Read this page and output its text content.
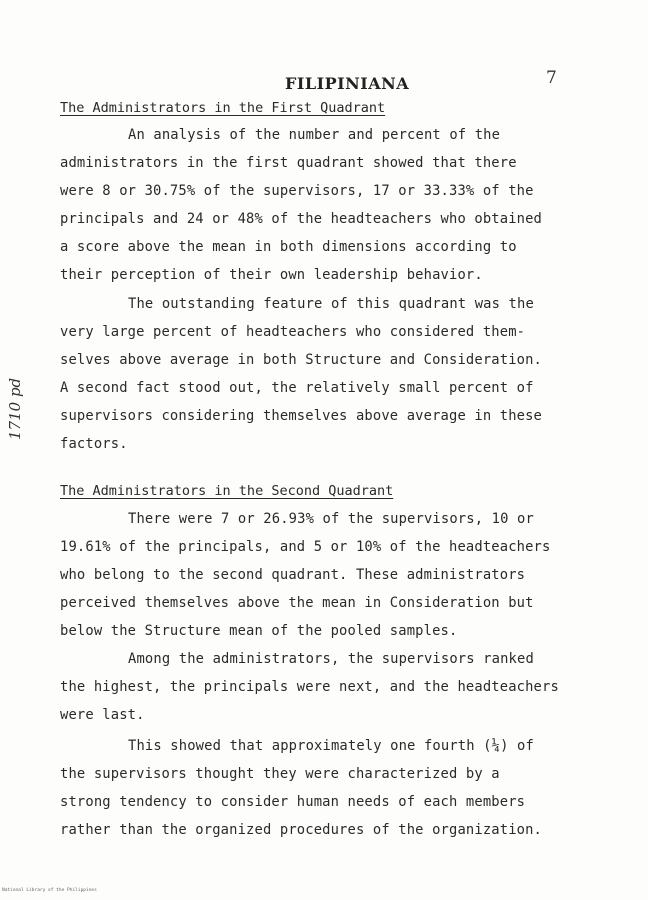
FILIPINIANA	7
The Administrators in the First Quadrant
An analysis of the number and percent of the
administrators in the first quadrant showed that there
were 8 or 30.75% of the supervisors, 17 or 33.33% of the
principals and 24 or 48% of the headteachers who obtained
a score above the mean in both dimensions according to
their perception of their own leadership behavior.
The outstanding feature of this quadrant was the
very large percent of headteachers who considered them-
selves above average in both Structure and Consideration.
A second fact stood out, the relatively small percent of
supervisors considering themselves above average in these
factors.
The Administrators in the Second Quadrant
There were 7 or 26.93% of the supervisors, 10 or
19.61% of the principals, and 5 or 10% of the headteachers
who belong to the second quadrant. These administrators
perceived themselves above the mean in Consideration but
below the Structure mean of the pooled samples.
Among the administrators, the supervisors ranked
the highest, the principals were next, and the headteachers
were last.
This showed that approximately one fourth (¼) of
the supervisors thought they were characterized by a
strong tendency to consider human needs of each members
rather than the organized procedures of the organization.
1710 pd
National Library of the Philippines
